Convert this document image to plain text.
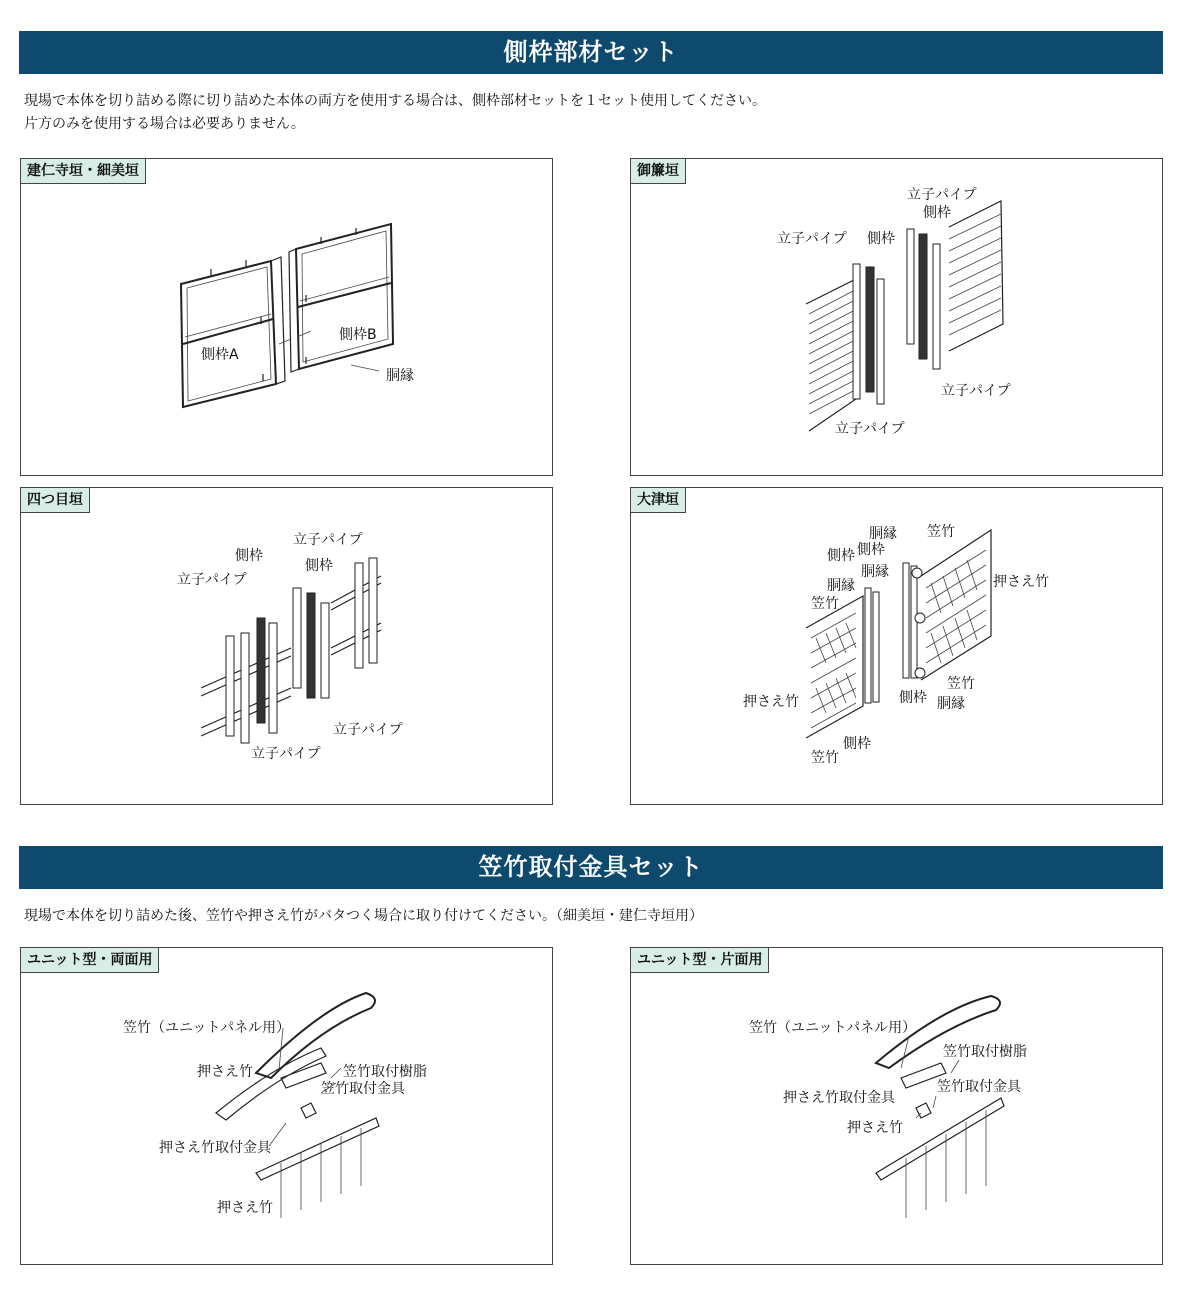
側枠部材セット
現場で本体を切り詰める際に切り詰めた本体の両方を使用する場合は、側枠部材セットを１セット使用してください。
片方のみを使用する場合は必要ありません。
建仁寺垣・細美垣
側枠A
側枠B
胴縁
御簾垣
立子パイプ
側枠
立子パイプ 側枠
立子パイプ
立子パイプ
四つ目垣
立子パイプ
側枠
立子パイプ
側枠
立子パイプ
立子パイプ
大津垣
胴縁 笠竹
側枠
側枠
胴縁
押さえ竹
胴縁
笠竹
押さえ竹
笠竹
側枠 胴縁
側枠
笠竹
笠竹取付金具セット
現場で本体を切り詰めた後、笠竹や押さえ竹がバタつく場合に取り付けてください。（細美垣・建仁寺垣用）
ユニット型・両面用
笠竹（ユニットパネル用）
押さえ竹	笠竹取付樹脂
笠竹取付金具
押さえ竹取付金具
押さえ竹
ユニット型・片面用
笠竹（ユニットパネル用）
笠竹取付樹脂
笠竹取付金具
押さえ竹取付金具
押さえ竹
